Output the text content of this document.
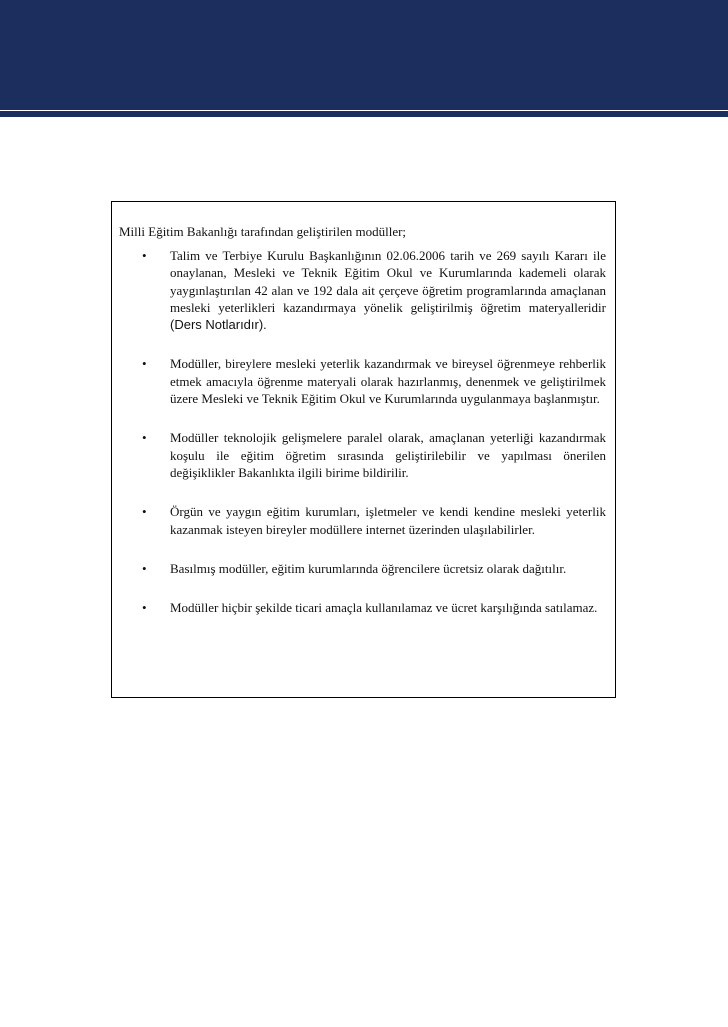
Milli Eğitim Bakanlığı tarafından geliştirilen modüller;
• Talim ve Terbiye Kurulu Başkanlığının 02.06.2006 tarih ve 269 sayılı Kararı ile onaylanan, Mesleki ve Teknik Eğitim Okul ve Kurumlarında kademeli olarak yaygınlaştırılan 42 alan ve 192 dala ait çerçeve öğretim programlarında amaçlanan mesleki yeterlikleri kazandırmaya yönelik geliştirilmiş öğretim materyalleridir (Ders Notlarıdır).
• Modüller, bireylere mesleki yeterlik kazandırmak ve bireysel öğrenmeye rehberlik etmek amacıyla öğrenme materyali olarak hazırlanmış, denenmek ve geliştirilmek üzere Mesleki ve Teknik Eğitim Okul ve Kurumlarında uygulanmaya başlanmıştır.
• Modüller teknolojik gelişmelere paralel olarak, amaçlanan yeterliği kazandırmak koşulu ile eğitim öğretim sırasında geliştirilebilir ve yapılması önerilen değişiklikler Bakanlıkta ilgili birime bildirilir.
• Örgün ve yaygın eğitim kurumları, işletmeler ve kendi kendine mesleki yeterlik kazanmak isteyen bireyler modüllere internet üzerinden ulaşılabilirler.
• Basılmış modüller, eğitim kurumlarında öğrencilere ücretsiz olarak dağıtılır.
• Modüller hiçbir şekilde ticari amaçla kullanılamaz ve ücret karşılığında satılamaz.
